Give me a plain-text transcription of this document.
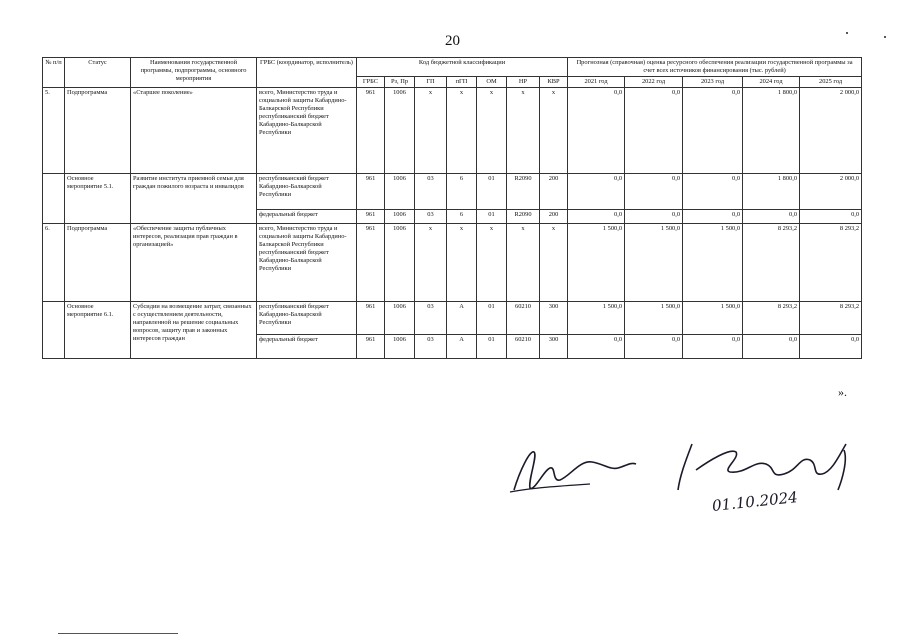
20
№ п/п	Статус	Наименования государственной программы, подпрограммы, основного мероприятия	ГРБС (координатор, исполнитель)	Код бюджетной классификации							Прогнозная (справочная) оценка ресурсного обеспечения реализации государственной программы за счет всех источников финансирования (тыс. рублей)				
				ГРБС	Рз, Пр	ГП	пГП	ОМ	НР	КВР	2021 год	2022 год	2023 год	2024 год	2025 год
5.	Подпрограмма	«Старшее поколение»	всего, Министерство труда и социальной защиты Кабардино-Балкарской Республики республиканский бюджет Кабардино-Балкарской Республики	961	1006	х	х	х	х	х	0,0	0,0	0,0	1 800,0	2 000,0
	Основное мероприятие 5.1.	Развитие института приемной семьи для граждан пожилого возраста и инвалидов	республиканский бюджет Кабардино-Балкарской Республики	961	1006	03	6	01	R2090	200	0,0	0,0	0,0	1 800,0	2 000,0
			федеральный бюджет	961	1006	03	6	01	R2090	200	0,0	0,0	0,0	0,0	0,0
6.	Подпрограмма	«Обеспечение защиты публичных интересов, реализация прав граждан в организацией»	всего, Министерство труда и социальной защиты Кабардино-Балкарской Республики республиканский бюджет Кабардино-Балкарской Республики	961	1006	х	х	х	х	х	1 500,0	1 500,0	1 500,0	8 293,2	8 293,2
	Основное мероприятие 6.1.	Субсидии на возмещение затрат, связанных с осуществлением деятельности, направленной на решение социальных вопросов, защиту прав и законных интересов граждан	республиканский бюджет Кабардино-Балкарской Республики	961	1006	03	А	01	60210	300	1 500,0	1 500,0	1 500,0	8 293,2	8 293,2
			федеральный бюджет	961	1006	03	А	01	60210	300	0,0	0,0	0,0	0,0	0,0
».
01.10.2024
